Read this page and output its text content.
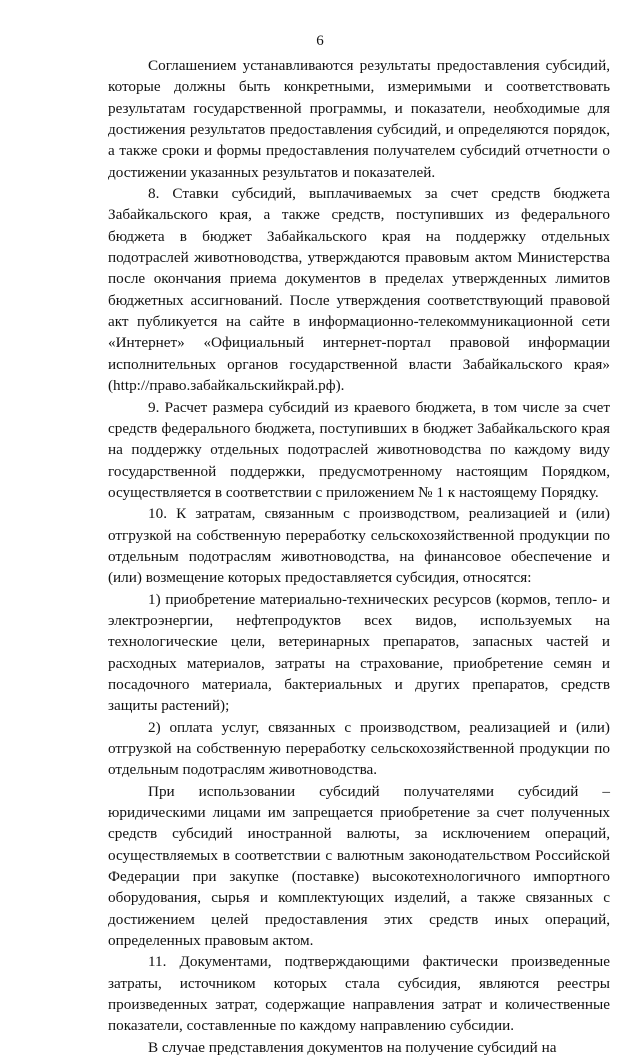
6

Соглашением устанавливаются результаты предоставления субсидий, которые должны быть конкретными, измеримыми и соответствовать результатам государственной программы, и показатели, необходимые для достижения результатов предоставления субсидий, и определяются порядок, а также сроки и формы предоставления получателем субсидий отчетности о достижении указанных результатов и показателей.

8. Ставки субсидий, выплачиваемых за счет средств бюджета Забайкальского края, а также средств, поступивших из федерального бюджета в бюджет Забайкальского края на поддержку отдельных подотраслей животноводства, утверждаются правовым актом Министерства после окончания приема документов в пределах утвержденных лимитов бюджетных ассигнований. После утверждения соответствующий правовой акт публикуется на сайте в информационно-телекоммуникационной сети «Интернет» «Официальный интернет-портал правовой информации исполнительных органов государственной власти Забайкальского края» (http://право.забайкальскийкрай.рф).

9. Расчет размера субсидий из краевого бюджета, в том числе за счет средств федерального бюджета, поступивших в бюджет Забайкальского края на поддержку отдельных подотраслей животноводства по каждому виду государственной поддержки, предусмотренному настоящим Порядком, осуществляется в соответствии с приложением № 1 к настоящему Порядку.

10. К затратам, связанным с производством, реализацией и (или) отгрузкой на собственную переработку сельскохозяйственной продукции по отдельным подотраслям животноводства, на финансовое обеспечение и (или) возмещение которых предоставляется субсидия, относятся:

1) приобретение материально-технических ресурсов (кормов, тепло- и электроэнергии, нефтепродуктов всех видов, используемых на технологические цели, ветеринарных препаратов, запасных частей и расходных материалов, затраты на страхование, приобретение семян и посадочного материала, бактериальных и других препаратов, средств защиты растений);

2) оплата услуг, связанных с производством, реализацией и (или) отгрузкой на собственную переработку сельскохозяйственной продукции по отдельным подотраслям животноводства.

При использовании субсидий получателями субсидий – юридическими лицами им запрещается приобретение за счет полученных средств субсидий иностранной валюты, за исключением операций, осуществляемых в соответствии с валютным законодательством Российской Федерации при закупке (поставке) высокотехнологичного импортного оборудования, сырья и комплектующих изделий, а также связанных с достижением целей предоставления этих средств иных операций, определенных правовым актом.

11. Документами, подтверждающими фактически произведенные затраты, источником которых стала субсидия, являются реестры произведенных затрат, содержащие направления затрат и количественные показатели, составленные по каждому направлению субсидии.

В случае представления документов на получение субсидий на
